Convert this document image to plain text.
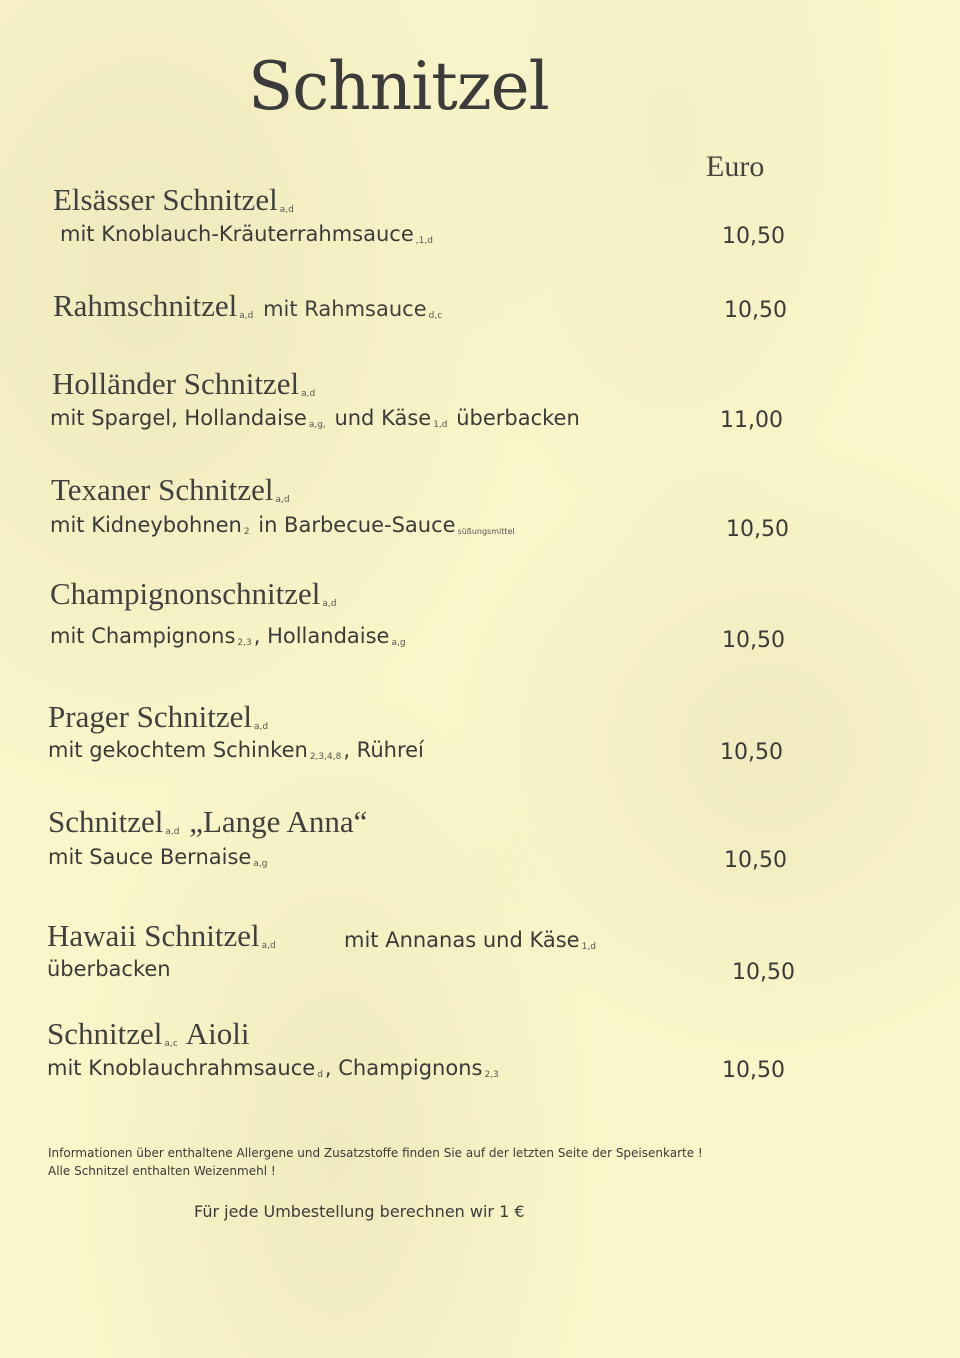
Schnitzel
Euro
Elsässer Schnitzel $_{a,d}$
mit Knoblauch-Kräuterrahmsauce $_{,1,d}$	10,50
Rahmschnitzel $_{a,d}$ mit Rahmsauce $_{d,c}$	10,50
Holländer Schnitzel $_{a,d}$
mit Spargel, Hollandaise $_{a,g,}$ und Käse $_{1,d}$ überbacken	11,00
Texaner Schnitzel $_{a,d}$
mit Kidneybohnen $_2$ in Barbecue-Sauce $_{süßungsmittel}$	10,50
Champignonschnitzel $_{a,d}$
mit Champignons $_{2,3}$, Hollandaise $_{a,g}$	10,50
Prager Schnitzel $_{a,d}$
mit gekochtem Schinken $_{2,3,4,8}$, Rühreí	10,50
Schnitzel $_{a,d}$ „Lange Anna“
mit Sauce Bernaise $_{a,g}$	10,50
Hawaii Schnitzel $_{a,d}$	mit Annanas und Käse $_{1,d}$
überbacken	10,50
Schnitzel $_{a,c}$ Aioli
mit Knoblauchrahmsauce $_d$, Champignons $_{2,3}$	10,50
Informationen über enthaltene Allergene und Zusatzstoffe finden Sie auf der letzten Seite der Speisenkarte !
Alle Schnitzel enthalten Weizenmehl !
Für jede Umbestellung berechnen wir 1 €
